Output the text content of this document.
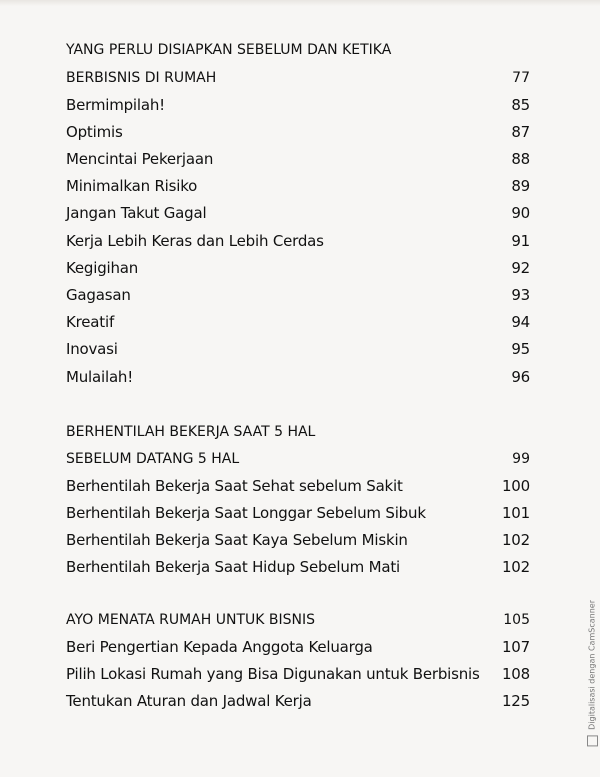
YANG PERLU DISIAPKAN SEBELUM DAN KETIKA
BERBISNIS DI RUMAH	77
Bermimpilah!	85
Optimis	87
Mencintai Pekerjaan	88
Minimalkan Risiko	89
Jangan Takut Gagal	90
Kerja Lebih Keras dan Lebih Cerdas	91
Kegigihan	92
Gagasan	93
Kreatif	94
Inovasi	95
Mulailah!	96
BERHENTILAH BEKERJA SAAT 5 HAL
SEBELUM DATANG 5 HAL	99
Berhentilah Bekerja Saat Sehat sebelum Sakit	100
Berhentilah Bekerja Saat Longgar Sebelum Sibuk	101
Berhentilah Bekerja Saat Kaya Sebelum Miskin	102
Berhentilah Bekerja Saat Hidup Sebelum Mati	102
AYO MENATA RUMAH UNTUK BISNIS	105
Beri Pengertian Kepada Anggota Keluarga	107
Pilih Lokasi Rumah yang Bisa Digunakan untuk Berbisnis 108
Tentukan Aturan dan Jadwal Kerja	125	Digitalisasi dengan CamScanner
